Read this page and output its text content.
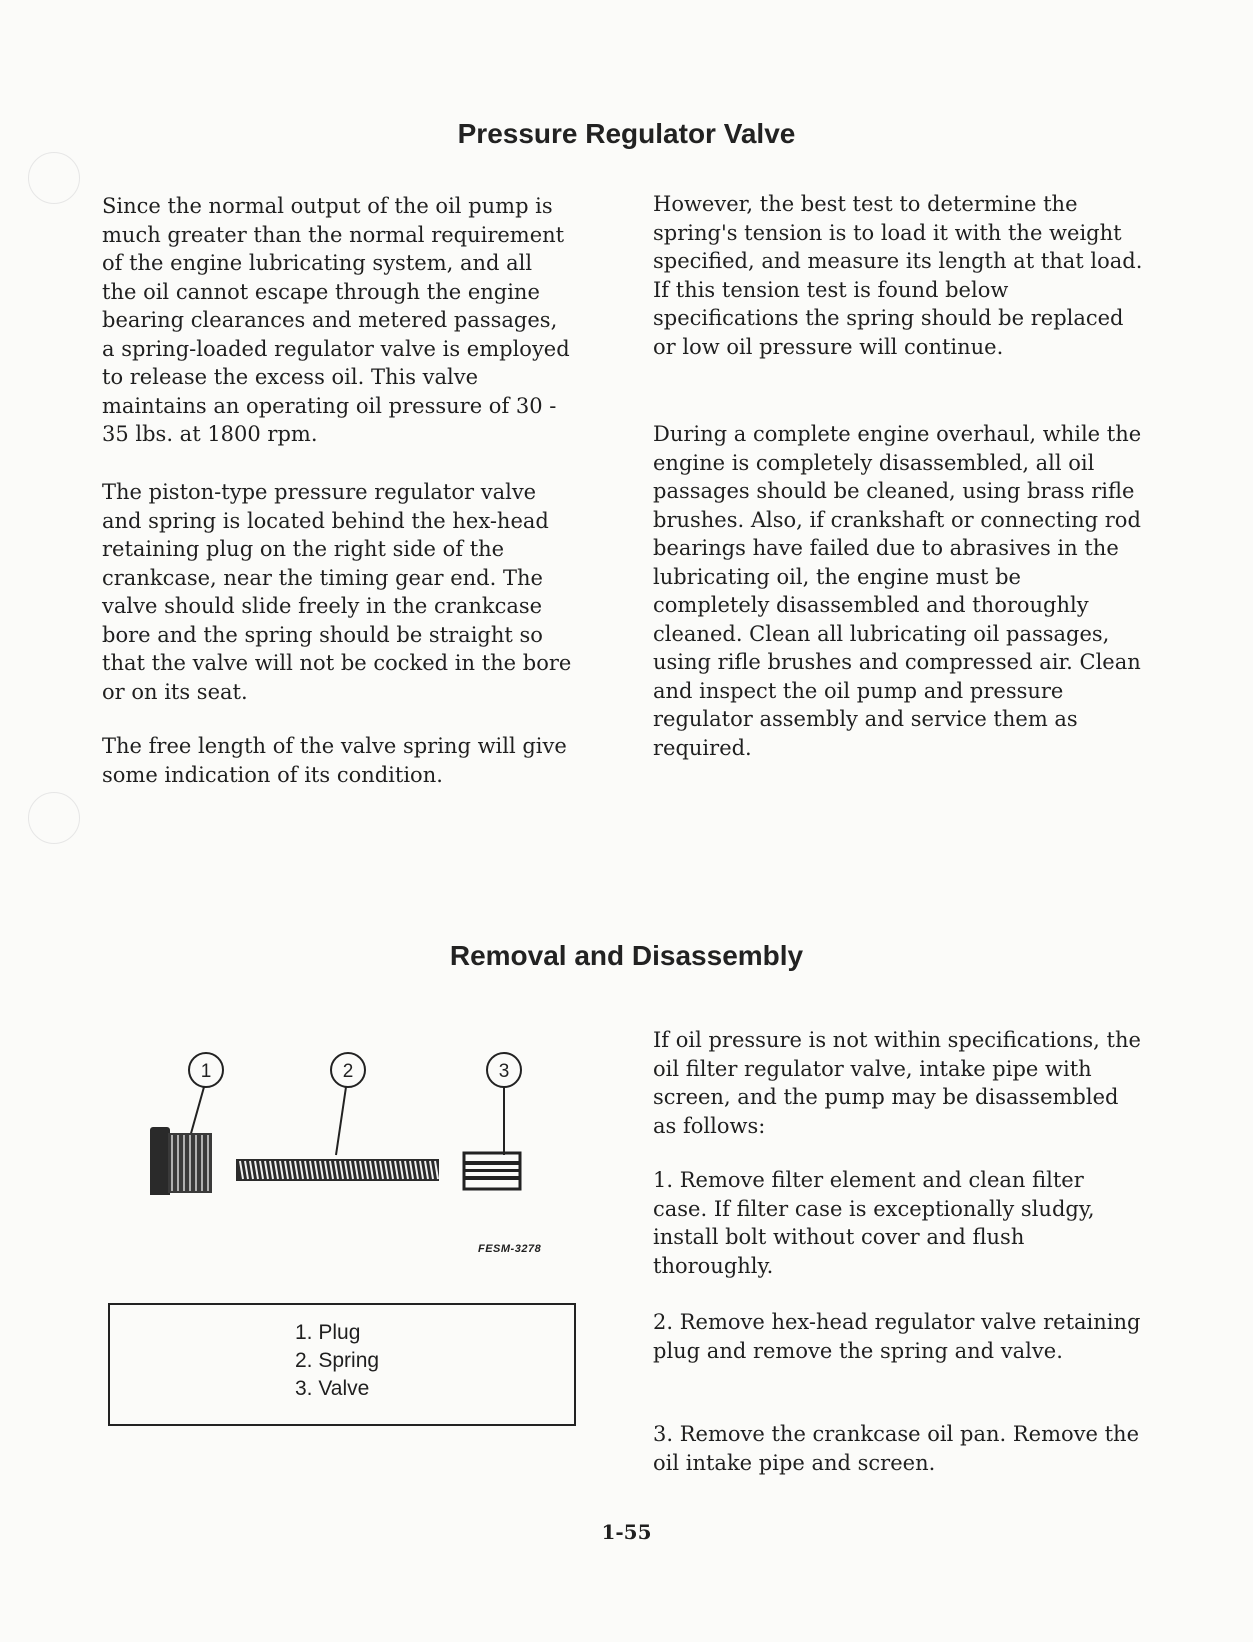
Pressure Regulator Valve

Since the normal output of the oil pump is much greater than the normal requirement of the engine lubricating system, and all the oil cannot escape through the engine bearing clearances and metered passages, a spring-loaded regulator valve is employed to release the excess oil. This valve maintains an operating oil pressure of 30 - 35 lbs. at 1800 rpm.

The piston-type pressure regulator valve and spring is located behind the hex-head retaining plug on the right side of the crankcase, near the timing gear end. The valve should slide freely in the crankcase bore and the spring should be straight so that the valve will not be cocked in the bore or on its seat.

The free length of the valve spring will give some indication of its condition.

However, the best test to determine the spring's tension is to load it with the weight specified, and measure its length at that load. If this tension test is found below specifications the spring should be replaced or low oil pressure will continue.

During a complete engine overhaul, while the engine is completely disassembled, all oil passages should be cleaned, using brass rifle brushes. Also, if crankshaft or connecting rod bearings have failed due to abrasives in the lubricating oil, the engine must be completely disassembled and thoroughly cleaned. Clean all lubricating oil passages, using rifle brushes and compressed air. Clean and inspect the oil pump and pressure regulator assembly and service them as required.

Removal and Disassembly

If oil pressure is not within specifications, the oil filter regulator valve, intake pipe with screen, and the pump may be disassembled as follows:

1. Remove filter element and clean filter case. If filter case is exceptionally sludgy, install bolt without cover and flush thoroughly.

2. Remove hex-head regulator valve retaining plug and remove the spring and valve.

3. Remove the crankcase oil pan. Remove the oil intake pipe and screen.

1	2	3
FESM-3278
1. Plug
2. Spring
3. Valve
1-55
